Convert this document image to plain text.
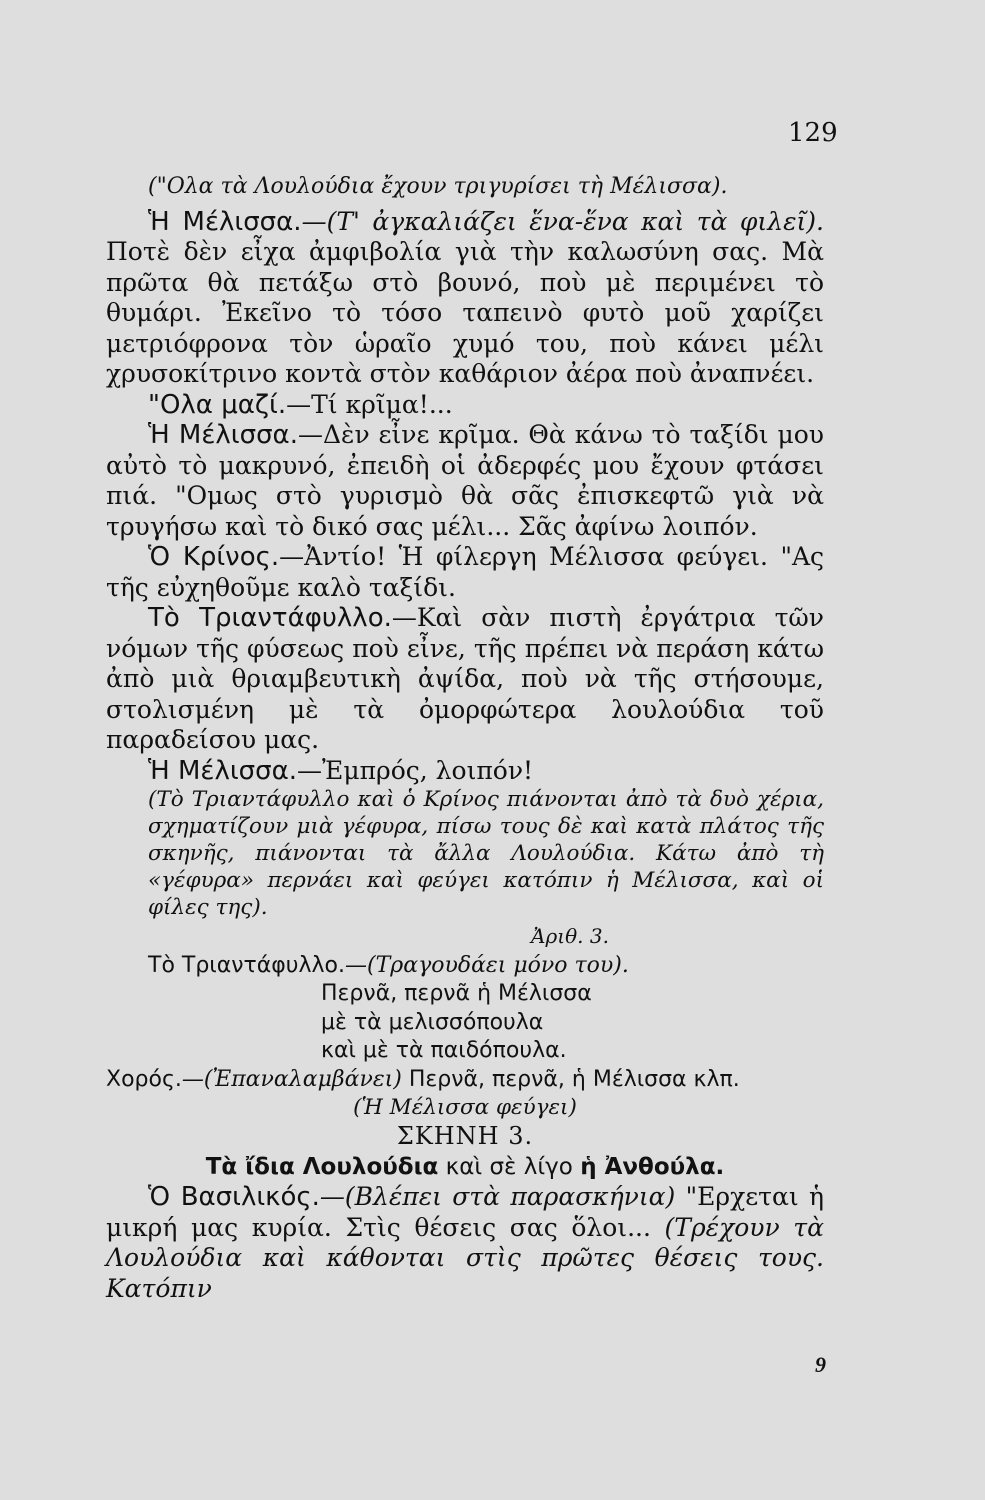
129

("Ολα τὰ Λουλούδια ἔχουν τριγυρίσει τὴ Μέλισσα).

Ἡ Μέλισσα.—(Τ' ἀγκαλιάζει ἕνα-ἕνα καὶ τὰ φιλεῖ). Ποτὲ δὲν εἶχα ἀμφιβολία γιὰ τὴν καλωσύνη σας. Μὰ πρῶτα θὰ πετάξω στὸ βουνό, ποὺ μὲ περιμένει τὸ θυμάρι. Ἐκεῖνο τὸ τόσο ταπεινὸ φυτὸ μοῦ χαρίζει μετριόφρονα τὸν ὡραῖο χυμό του, ποὺ κάνει μέλι χρυσοκίτρινο κοντὰ στὸν καθάριον ἀέρα ποὺ ἀναπνέει.

"Ολα μαζί.—Τί κρῖμα!...

Ἡ Μέλισσα.—Δὲν εἶνε κρῖμα. Θὰ κάνω τὸ ταξίδι μου αὐτὸ τὸ μακρυνό, ἐπειδὴ οἱ ἀδερφές μου ἔχουν φτάσει πιά. "Ομως στὸ γυρισμὸ θὰ σᾶς ἐπισκεφτῶ γιὰ νὰ τρυγήσω καὶ τὸ δικό σας μέλι... Σᾶς ἀφίνω λοιπόν.

Ὁ Κρίνος.—Ἀντίο! Ἡ φίλεργη Μέλισσα φεύγει. "Ας τῆς εὐχηθοῦμε καλὸ ταξίδι.

Τὸ Τριαντάφυλλο.—Καὶ σὰν πιστὴ ἐργάτρια τῶν νόμων τῆς φύσεως ποὺ εἶνε, τῆς πρέπει νὰ περάση κάτω ἀπὸ μιὰ θριαμβευτικὴ ἀψίδα, ποὺ νὰ τῆς στήσουμε, στολισμένη μὲ τὰ ὀμορφώτερα λουλούδια τοῦ παραδείσου μας.

Ἡ Μέλισσα.—Ἐμπρός, λοιπόν!

(Τὸ Τριαντάφυλλο καὶ ὁ Κρίνος πιάνονται ἀπὸ τὰ δυὸ χέρια, σχηματίζουν μιὰ γέφυρα, πίσω τους δὲ καὶ κατὰ πλάτος τῆς σκηνῆς, πιάνονται τὰ ἄλλα Λουλούδια. Κάτω ἀπὸ τὴ «γέφυρα» περνάει καὶ φεύγει κατόπιν ἡ Μέλισσα, καὶ οἱ φίλες της).

Ἀριθ. 3.

Τὸ Τριαντάφυλλο.—(Τραγουδάει μόνο του).

Περνᾶ, περνᾶ ἡ Μέλισσα

μὲ τὰ μελισσόπουλα

καὶ μὲ τὰ παιδόπουλα.

Χορός.—(Ἐπαναλαμβάνει) Περνᾶ, περνᾶ, ἡ Μέλισσα κλπ.

(Ἡ Μέλισσα φεύγει)

ΣΚΗΝΗ 3.

Τὰ ἴδια Λουλούδια καὶ σὲ λίγο ἡ Ἀνθούλα.

Ὁ Βασιλικός.—(Βλέπει στὰ παρασκήνια) "Ερχεται ἡ μικρή μας κυρία. Στὶς θέσεις σας ὅλοι... (Τρέχουν τὰ Λουλούδια καὶ κάθονται στὶς πρῶτες θέσεις τους. Κατόπιν

9
